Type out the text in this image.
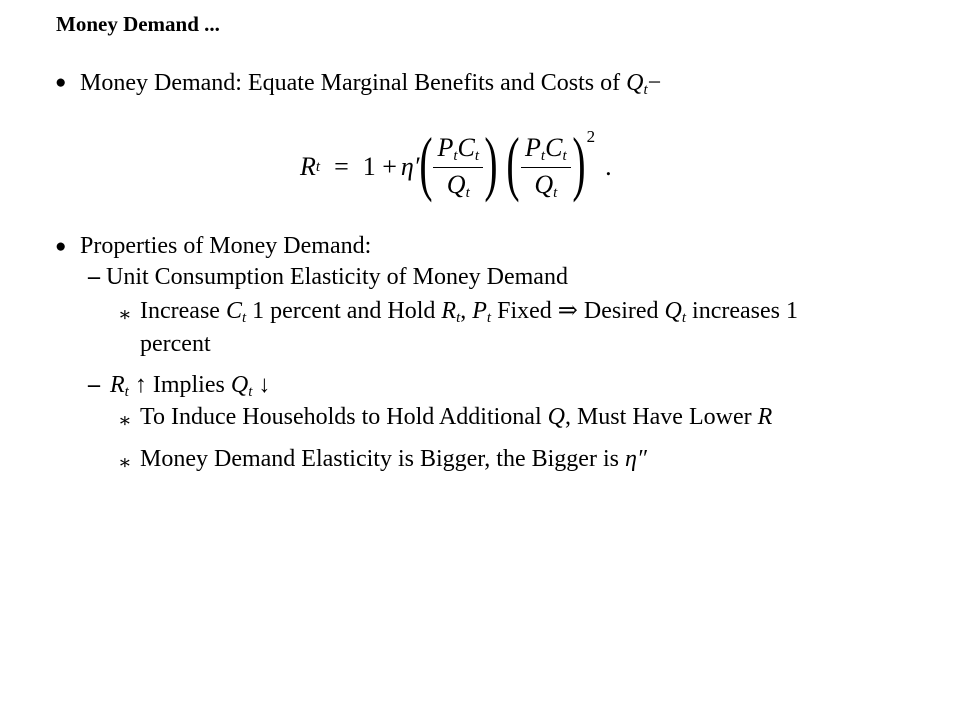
Money Demand ...
● Money Demand: Equate Marginal Benefits and Costs of $Q_t-$
R t = 1 + η′ ( $\frac{P_tC_t}{Q_t}$ ) ( $\frac{P_tC_t}{Q_t}$ ) 2
.
● Properties of Money Demand:
– Unit Consumption Elasticity of Money Demand
∗ Increase $C_t$ 1 percent and Hold $R_t$, $P_t$ Fixed ⇒ Desired $Q_t$ increases 1
percent
– $R_t$ ↑ Implies $Q_t$ ↓
∗ To Induce Households to Hold Additional Q, Must Have Lower R
∗ Money Demand Elasticity is Bigger, the Bigger is η″
